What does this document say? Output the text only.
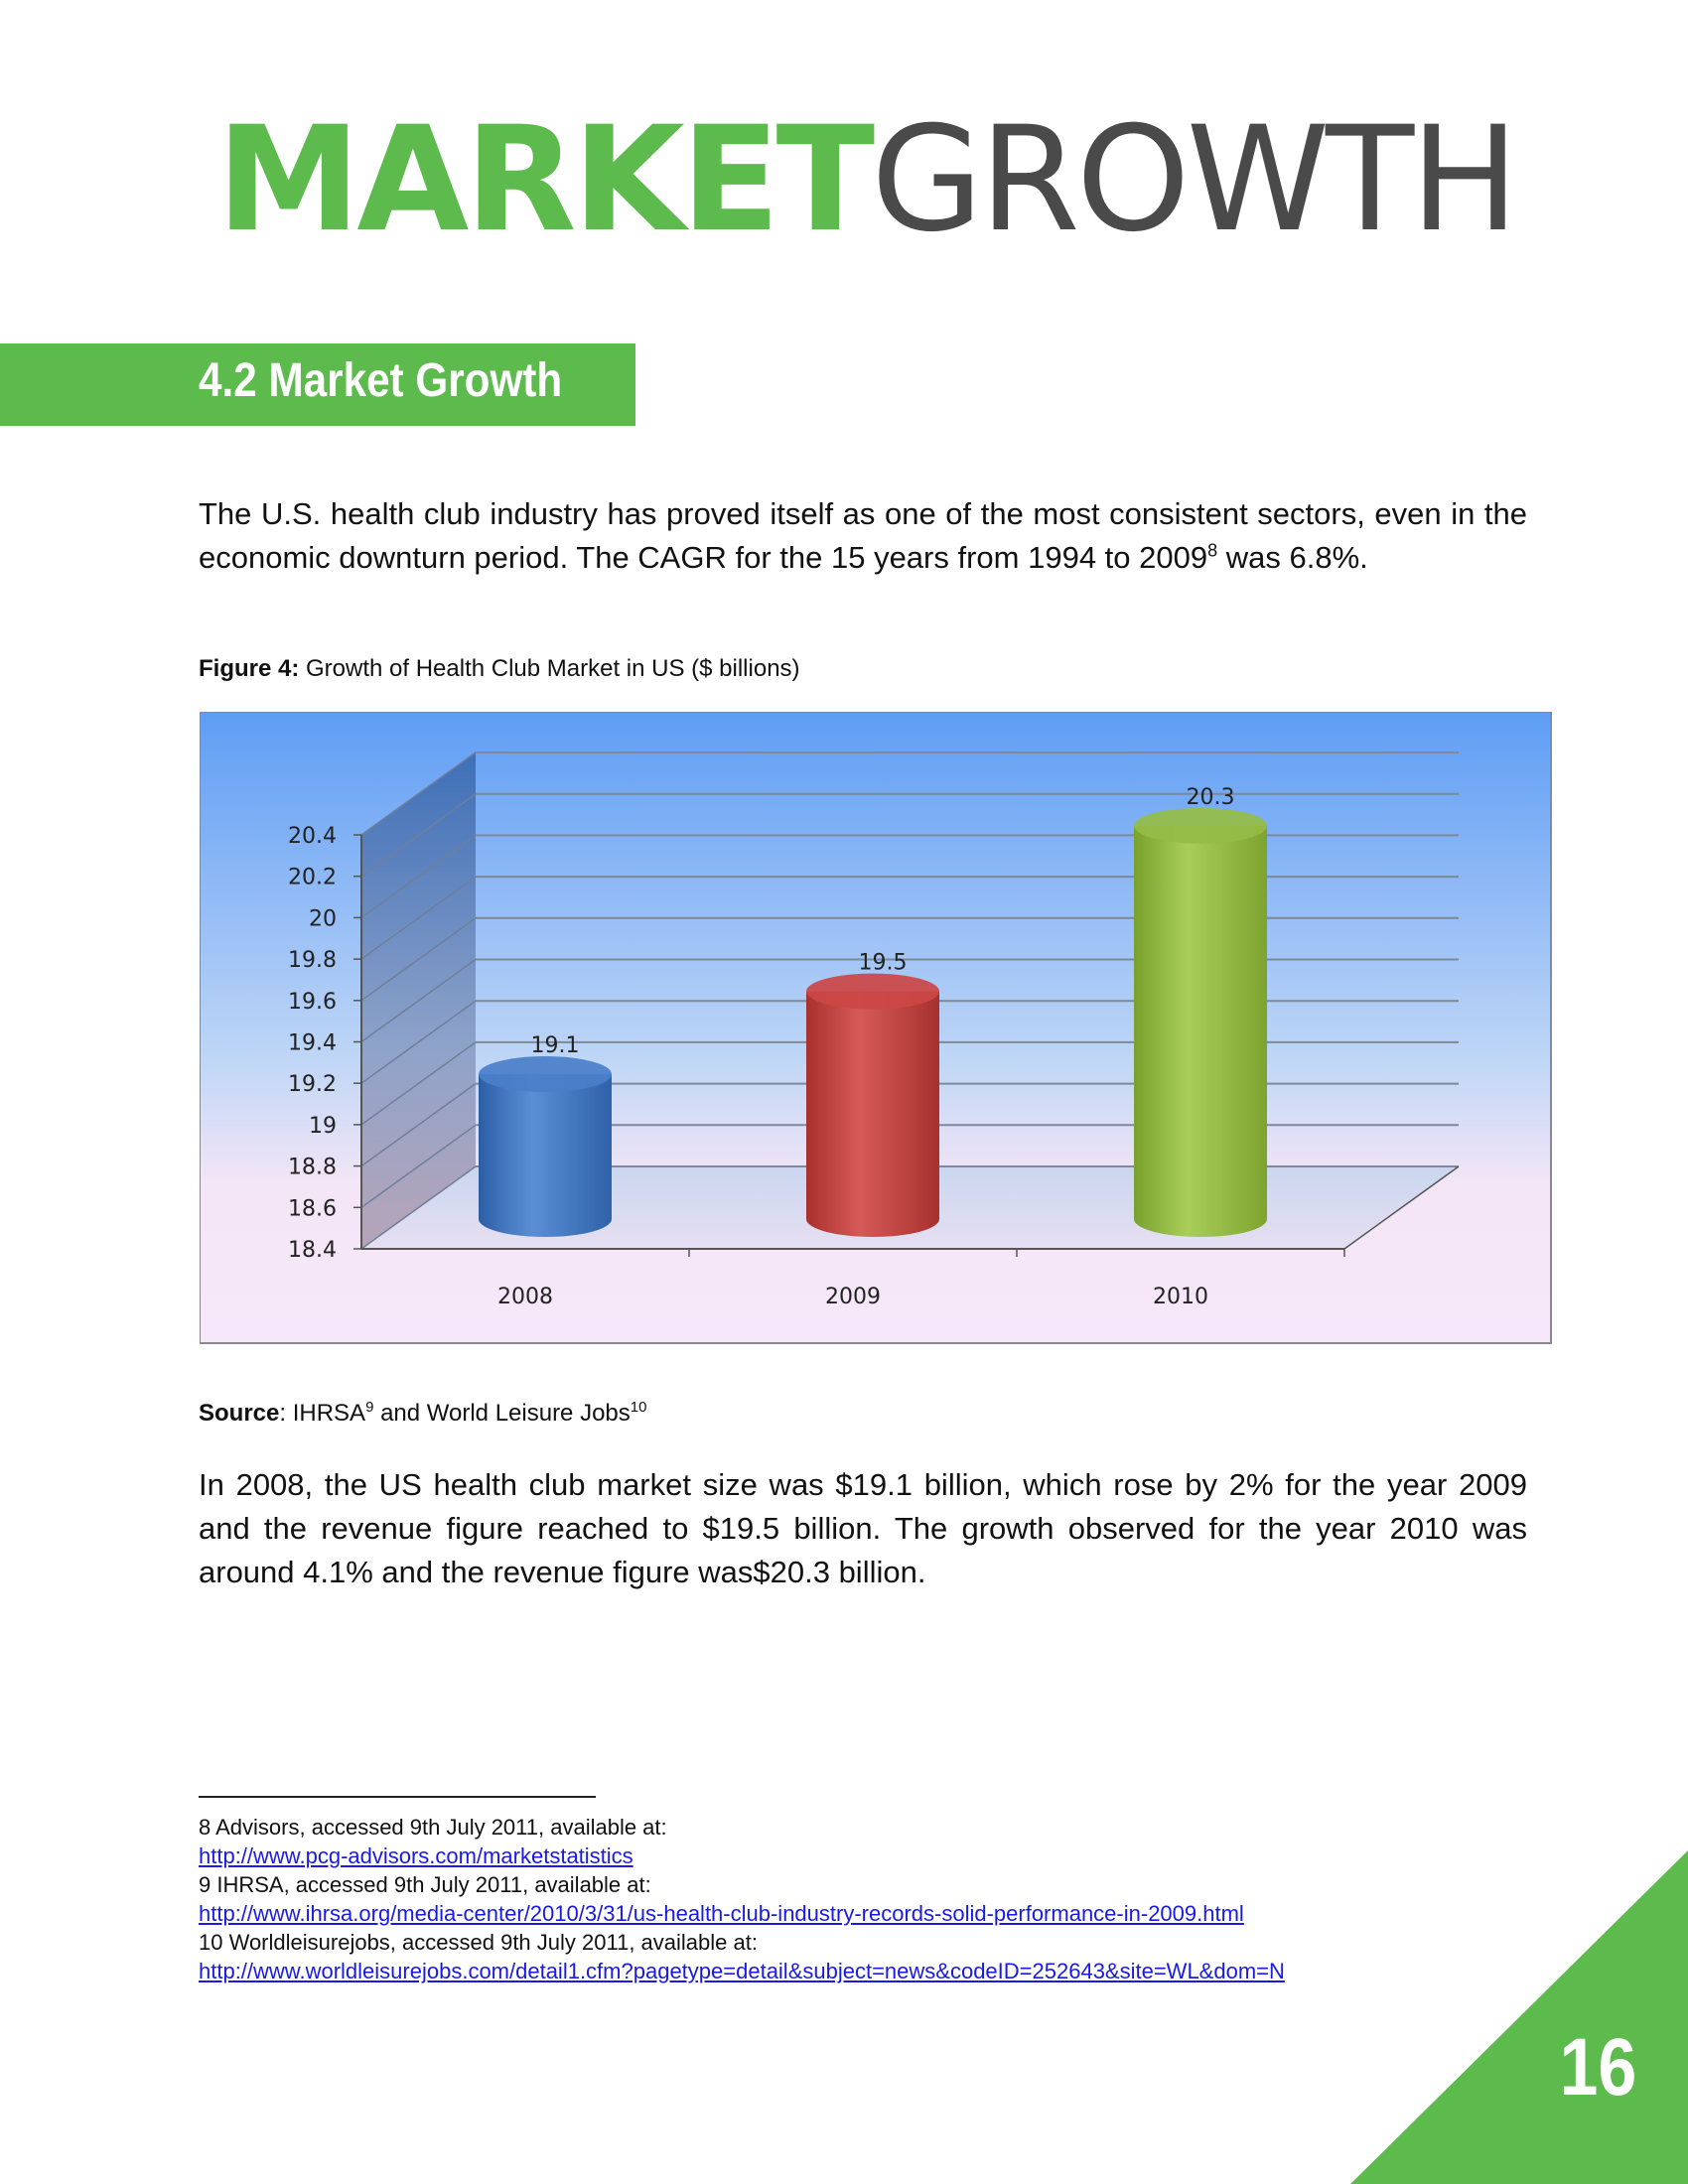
MARKETGROWTH
4.2 Market Growth
The U.S. health club industry has proved itself as one of the most consistent sectors, even in the economic downturn period. The CAGR for the 15 years from 1994 to 2009$^8$ was 6.8%.
Figure 4: Growth of Health Club Market in US ($ billions)
18.4
18.6
18.8
19
19.2
19.4
19.6
19.8
20
20.2
20.4
19.1
2008
19.5
2009
20.3
2010
Source: IHRSA$^9$ and World Leisure Jobs$^{10}$
In 2008, the US health club market size was $19.1 billion, which rose by 2% for the year 2009 and the revenue figure reached to $19.5 billion. The growth observed for the year 2010 was around 4.1% and the revenue figure was$20.3 billion.
8 Advisors, accessed 9th July 2011, available at:
http://www.pcg-advisors.com/marketstatistics
9 IHRSA, accessed 9th July 2011, available at:
http://www.ihrsa.org/media-center/2010/3/31/us-health-club-industry-records-solid-performance-in-2009.html
10 Worldleisurejobs, accessed 9th July 2011, available at:
http://www.worldleisurejobs.com/detail1.cfm?pagetype=detail&subject=news&codeID=252643&site=WL&dom=N
16
